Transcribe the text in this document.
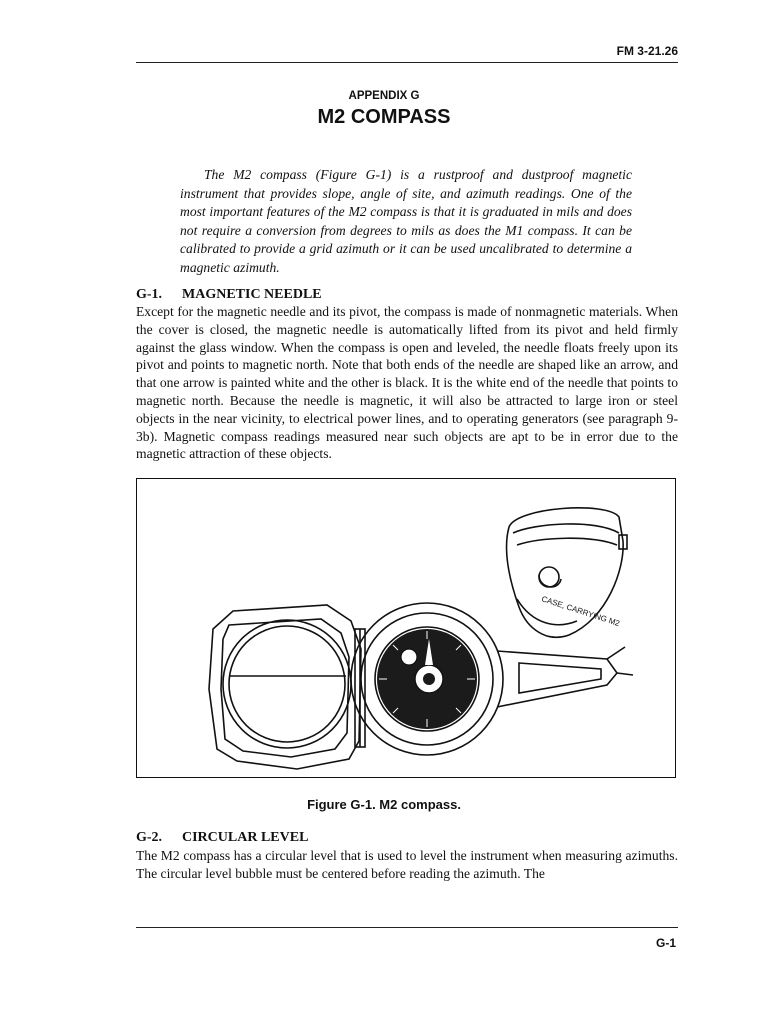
FM 3-21.26
APPENDIX G
M2 COMPASS
The M2 compass (Figure G-1) is a rustproof and dustproof magnetic instrument that provides slope, angle of site, and azimuth readings. One of the most important features of the M2 compass is that it is graduated in mils and does not require a conversion from degrees to mils as does the M1 compass. It can be calibrated to provide a grid azimuth or it can be used uncalibrated to determine a magnetic azimuth.
G-1. MAGNETIC NEEDLE
Except for the magnetic needle and its pivot, the compass is made of nonmagnetic materials. When the cover is closed, the magnetic needle is automatically lifted from its pivot and held firmly against the glass window. When the compass is open and leveled, the needle floats freely upon its pivot and points to magnetic north. Note that both ends of the needle are shaped like an arrow, and that one arrow is painted white and the other is black. It is the white end of the needle that points to magnetic north. Because the needle is magnetic, it will also be attracted to large iron or steel objects in the near vicinity, to electrical power lines, and to operating generators (see paragraph 9-3b). Magnetic compass readings measured near such objects are apt to be in error due to the magnetic attraction of these objects.
CASE, CARRYING M2
Figure G-1. M2 compass.
G-2. CIRCULAR LEVEL
The M2 compass has a circular level that is used to level the instrument when measuring azimuths. The circular level bubble must be centered before reading the azimuth. The
G-1
